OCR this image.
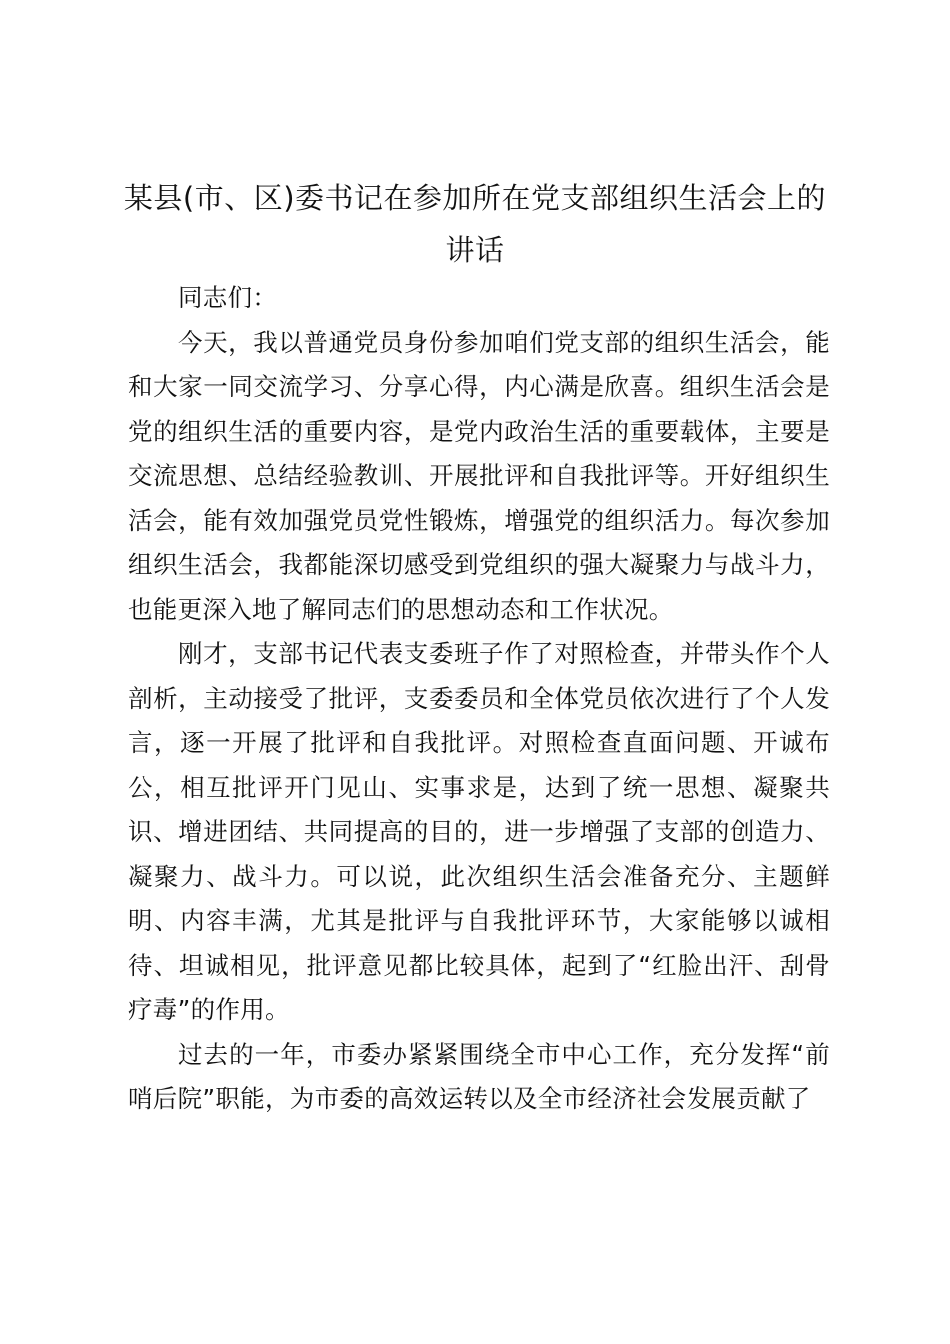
某县(市、区)委书记在参加所在党支部组织生活会上的讲话

同志们：

今天，我以普通党员身份参加咱们党支部的组织生活会，能和大家一同交流学习、分享心得，内心满是欣喜。组织生活会是党的组织生活的重要内容，是党内政治生活的重要载体，主要是交流思想、总结经验教训、开展批评和自我批评等。开好组织生活会，能有效加强党员党性锻炼，增强党的组织活力。每次参加组织生活会，我都能深切感受到党组织的强大凝聚力与战斗力，也能更深入地了解同志们的思想动态和工作状况。

刚才，支部书记代表支委班子作了对照检查，并带头作个人剖析，主动接受了批评，支委委员和全体党员依次进行了个人发言，逐一开展了批评和自我批评。对照检查直面问题、开诚布公，相互批评开门见山、实事求是，达到了统一思想、凝聚共识、增进团结、共同提高的目的，进一步增强了支部的创造力、凝聚力、战斗力。可以说，此次组织生活会准备充分、主题鲜明、内容丰满，尤其是批评与自我批评环节，大家能够以诚相待、坦诚相见，批评意见都比较具体，起到了“红脸出汗、刮骨疗毒”的作用。

过去的一年，市委办紧紧围绕全市中心工作，充分发挥“前哨后院”职能，为市委的高效运转以及全市经济社会发展贡献了
